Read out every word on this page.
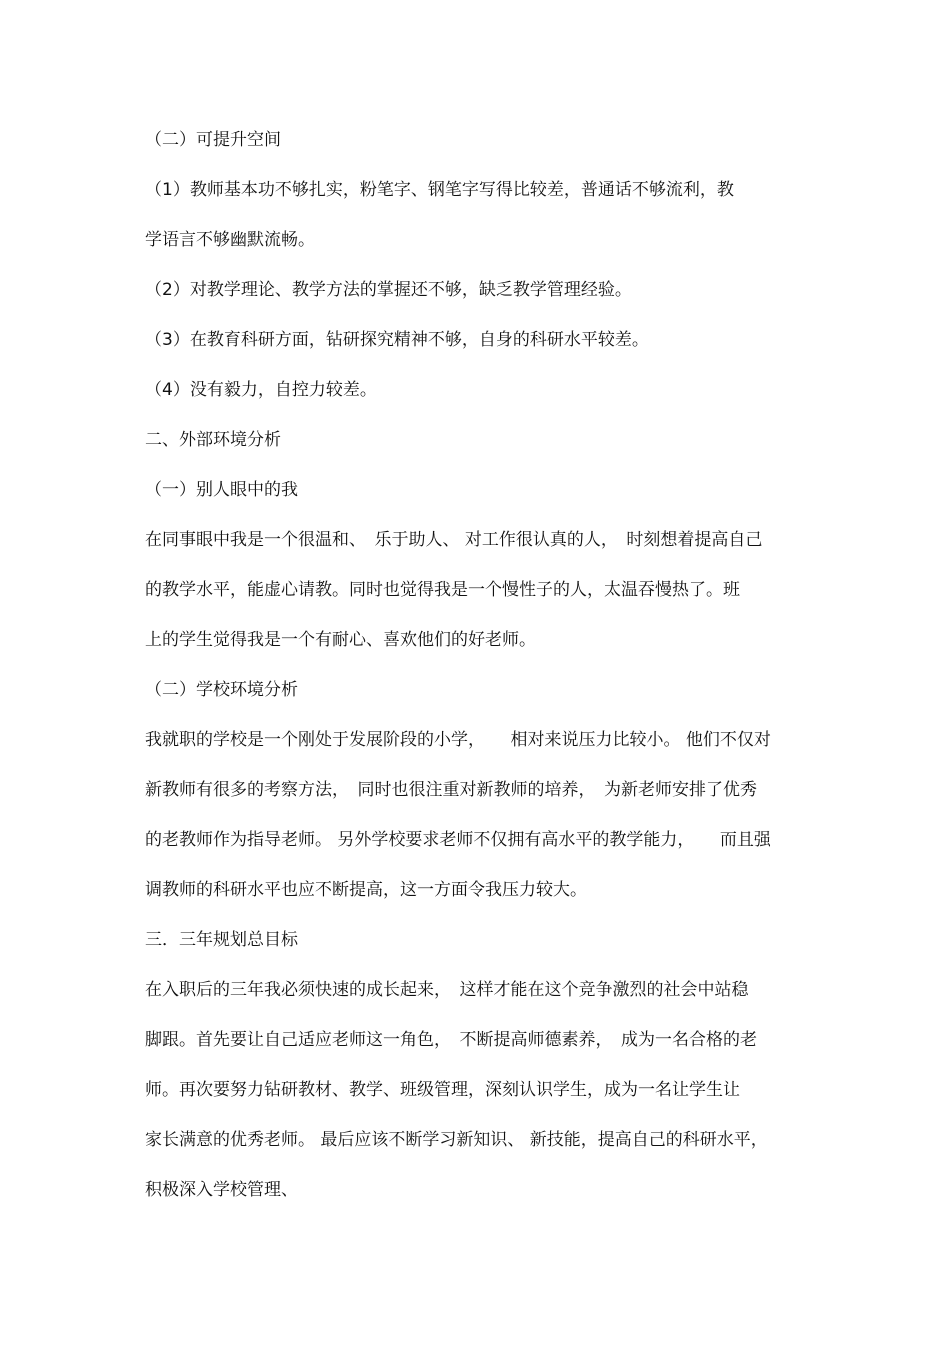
（二）可提升空间
（1）教师基本功不够扎实，粉笔字、钢笔字写得比较差，普通话不够流利，教
学语言不够幽默流畅。
（2）对教学理论、教学方法的掌握还不够，缺乏教学管理经验。
（3）在教育科研方面，钻研探究精神不够，自身的科研水平较差。
（4）没有毅力，自控力较差。
二、外部环境分析
（一）别人眼中的我
在同事眼中我是一个很温和、　乐于助人、 对工作很认真的人，　时刻想着提高自己
的教学水平，能虚心请教。同时也觉得我是一个慢性子的人，太温吞慢热了。班
上的学生觉得我是一个有耐心、喜欢他们的好老师。
（二）学校环境分析
我就职的学校是一个刚处于发展阶段的小学，　　相对来说压力比较小。 他们不仅对
新教师有很多的考察方法，　同时也很注重对新教师的培养，　为新老师安排了优秀
的老教师作为指导老师。 另外学校要求老师不仅拥有高水平的教学能力，　　而且强
调教师的科研水平也应不断提高，这一方面令我压力较大。
三．三年规划总目标
在入职后的三年我必须快速的成长起来，　这样才能在这个竞争激烈的社会中站稳
脚跟。首先要让自己适应老师这一角色，　不断提高师德素养，　成为一名合格的老
师。再次要努力钻研教材、教学、班级管理，深刻认识学生，成为一名让学生让
家长满意的优秀老师。 最后应该不断学习新知识、 新技能，提高自己的科研水平，
积极深入学校管理、
